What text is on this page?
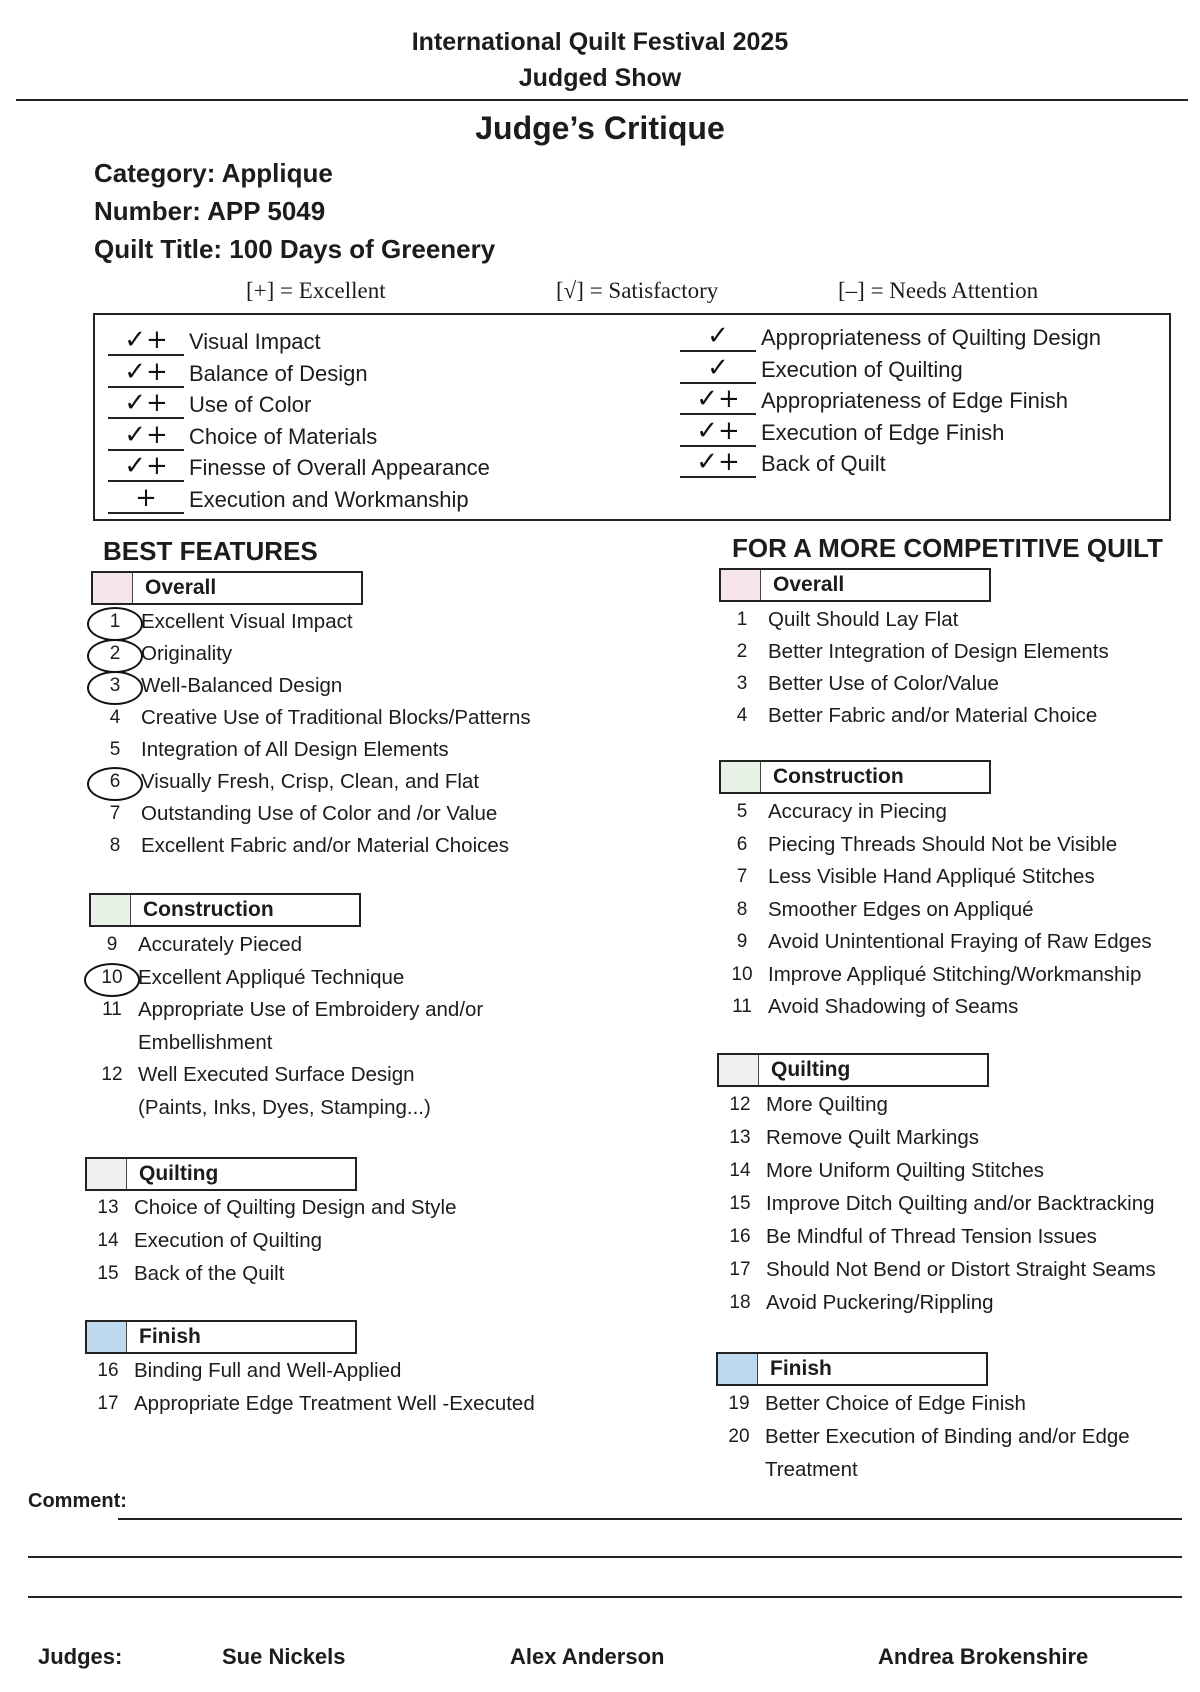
International Quilt Festival 2025
Judged Show
Judge’s Critique
Category: Applique
Number: APP 5049
Quilt Title: 100 Days of Greenery
[+] = Excellent	[√] = Satisfactory	[–] = Needs Attention
✓+ Visual Impact
✓+ Balance of Design
✓+ Use of Color
✓+ Choice of Materials
✓+ Finesse of Overall Appearance
+	Execution and Workmanship
✓	Appropriateness of Quilting Design
✓	Execution of Quilting
✓+ Appropriateness of Edge Finish
✓+ Execution of Edge Finish
✓+ Back of Quilt
BEST FEATURES	FOR A MORE COMPETITIVE QUILT
Overall
1	Excellent Visual Impact
2	Originality
3	Well-Balanced Design
4	Creative Use of Traditional Blocks/Patterns
5	Integration of All Design Elements
6	Visually Fresh, Crisp, Clean, and Flat
7	Outstanding Use of Color and /or Value
8	Excellent Fabric and/or Material Choices
Construction
9	Accurately Pieced
10 Excellent Appliqué Technique
11 Appropriate Use of Embroidery and/or
Embellishment
12 Well Executed Surface Design
(Paints, Inks, Dyes, Stamping...)
Quilting
13 Choice of Quilting Design and Style
14 Execution of Quilting
15 Back of the Quilt
Finish
16 Binding Full and Well-Applied
17 Appropriate Edge Treatment Well -Executed
Overall
1	Quilt Should Lay Flat
2	Better Integration of Design Elements
3	Better Use of Color/Value
4	Better Fabric and/or Material Choice
Construction
5	Accuracy in Piecing
6	Piecing Threads Should Not be Visible
7	Less Visible Hand Appliqué Stitches
8	Smoother Edges on Appliqué
9	Avoid Unintentional Fraying of Raw Edges
10 Improve Appliqué Stitching/Workmanship
11 Avoid Shadowing of Seams
Quilting
12 More Quilting
13 Remove Quilt Markings
14 More Uniform Quilting Stitches
15 Improve Ditch Quilting and/or Backtracking
16 Be Mindful of Thread Tension Issues
17 Should Not Bend or Distort Straight Seams
18 Avoid Puckering/Rippling
Finish
19 Better Choice of Edge Finish
20 Better Execution of Binding and/or Edge
Treatment
Comment:
Judges:	Sue Nickels	Alex Anderson	Andrea Brokenshire
